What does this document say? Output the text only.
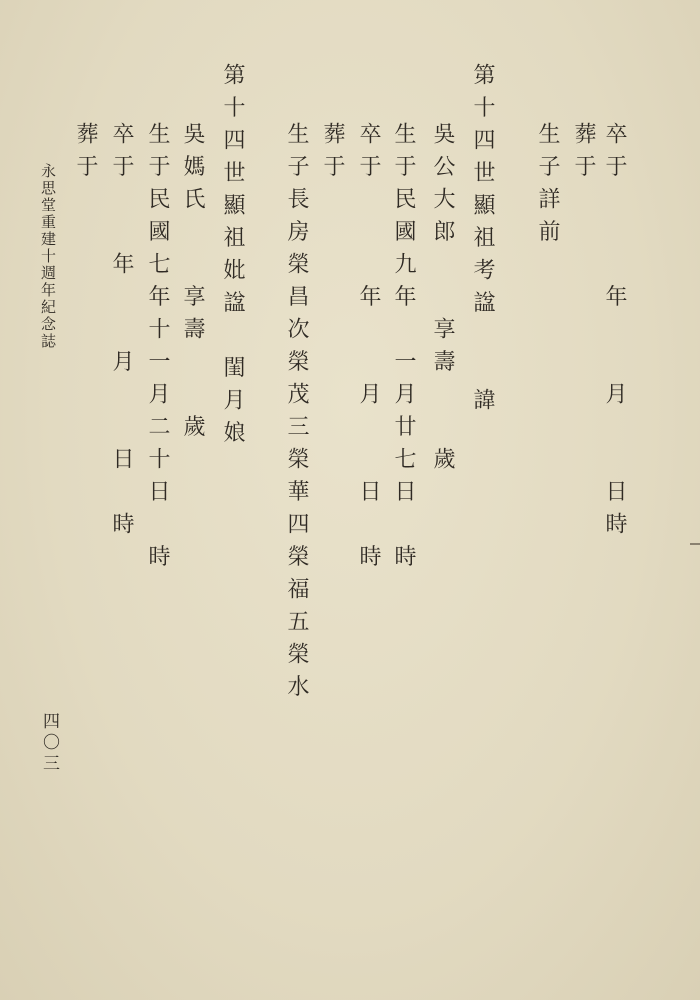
卒于　　　年　　月　　日時
葬于
生子詳前
第十四世顯祖考諡　　諱
吳公大郎　　享壽　　歲
生于民國九年　一月廿七日　時
卒于　　　年　　月　　日　時
葬于
生子長房榮昌次榮茂三榮華四榮福五榮水
第十四世顯祖妣諡　閨月娘
吳媽氏　　享壽　　歲
生于民國七年十一月二十日　時
卒于　　年　　月　　日　時
葬于
永思堂重建十週年紀念誌
四〇三
